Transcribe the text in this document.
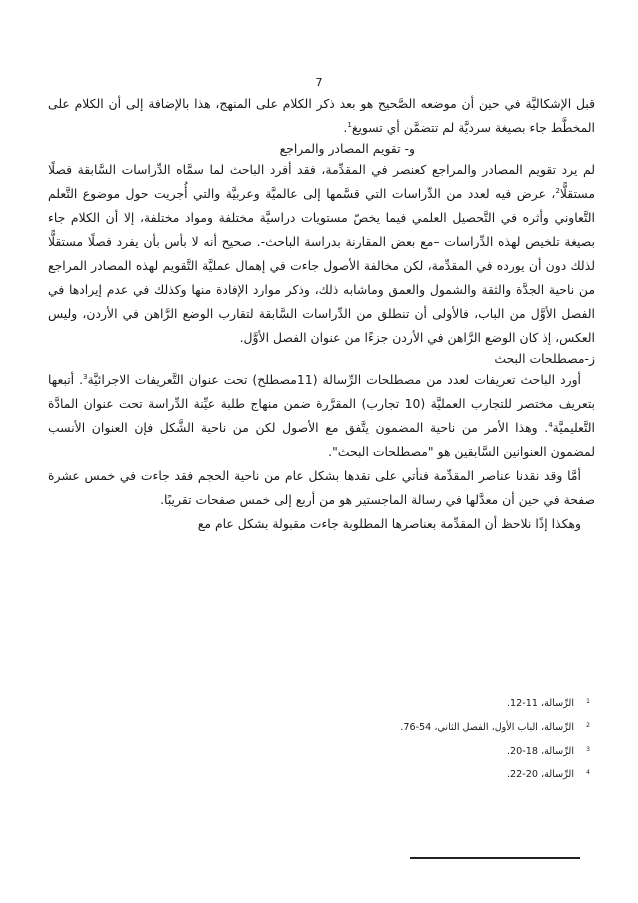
7

قبل الإشكاليَّة في حين أن موضعه الصَّحيح هو بعد ذكر الكلام على المنهج، هذا بالإضافة إلى أن الكلام على المخطَّط جاء بصيغة سرديَّة لم تتضمَّن أي تسويغ$^1$.

و- تقويم المصادر والمراجع

لم يرد تقويم المصادر والمراجع كعنصر في المقدِّمة، فقد أفرد الباحث لما سمَّاه الدِّراسات السَّابقة فصلًا مستقلًّا$^2$، عرض فيه لعدد من الدِّراسات التي قسَّمها إلى عالميَّة وعربيَّة والتي أُجريت حول موضوع التَّعلم التَّعاوني وأثره في التَّحصيل العلمي فيما يخصّ مستويات دراسيَّة مختلفة ومواد مختلفة، إلا أن الكلام جاء بصيغة تلخيص لهذه الدِّراسات –مع بعض المقارنة بدراسة الباحث-. صحيح أنه لا بأس بأن يفرد فصلًا مستقلًّا لذلك دون أن يورده في المقدِّمة، لكن مخالفة الأصول جاءت في إهمال عمليَّة التَّقويم لهذه المصادر المراجع من ناحية الجدَّة والثقة والشمول والعمق وماشابه ذلك، وذكر موارد الإفادة منها وكذلك في عدم إيرادها في الفصل الأوَّل من الباب، فالأولى أن تنطلق من الدِّراسات السَّابقة لتقارب الوضع الرَّاهن في الأردن، وليس العكس، إذ كان الوضع الرَّاهن في الأردن جزءًا من عنوان الفصل الأوَّل.

ز-مصطلحات البحث

أورد الباحث تعريفات لعدد من مصطلحات الرِّسالة (11مصطلح) تحت عنوان التَّعريفات الاجرائيَّة$^3$. أتبعها بتعريف مختصر للتجارب العمليَّة (10 تجارب) المقرَّرة ضمن منهاج طلبة عيِّنة الدِّراسة تحت عنوان المادَّة التَّعليميَّة$^4$. وهذا الأمر من ناحية المضمون يتَّفق مع الأصول لكن من ناحية الشَّكل فإن العنوان الأنسب لمضمون العنوانين السَّابقين هو "مصطلحات البحث".

أمَّا وقد نقدنا عناصر المقدِّمة فنأتي على نقدها بشكل عام من ناحية الحجم فقد جاءت في خمس عشرة صفحة في حين أن معدَّلها في رسالة الماجستير هو من أربع إلى خمس صفحات تقريبًا.

وهكذا إذًا نلاحظ أن المقدِّمة بعناصرها المطلوبة جاءت مقبولة بشكل عام مع

1الرِّسالة، 11-12.
2الرِّسالة، الباب الأول، الفصل الثاني، 54-76.
3الرِّسالة، 18-20.
4الرِّسالة، 20-22.
